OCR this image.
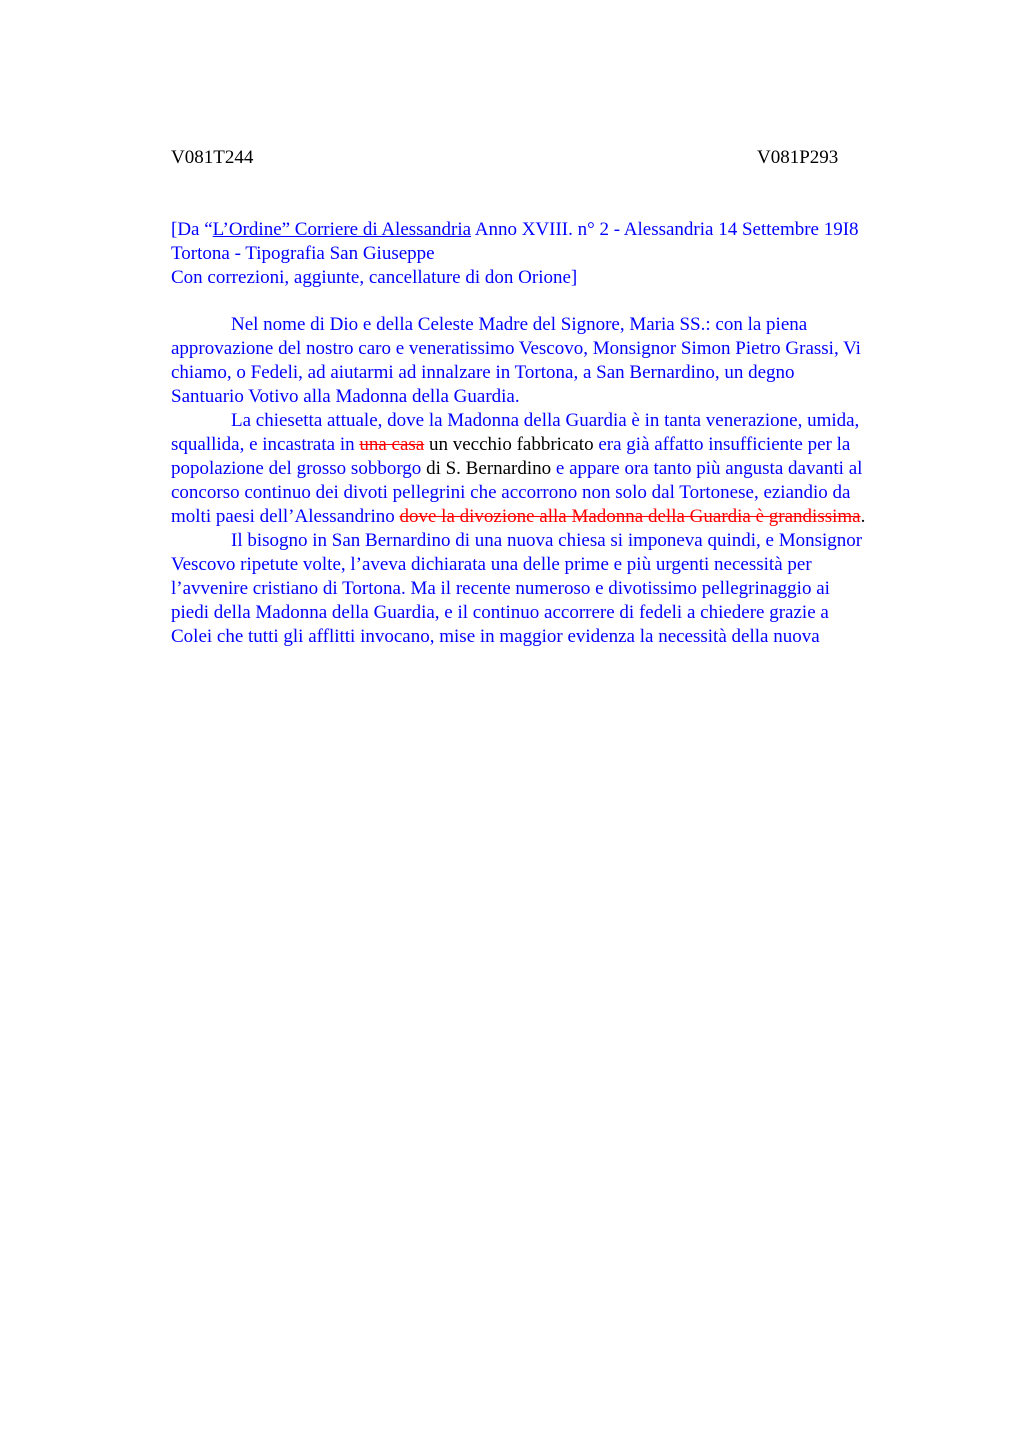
V081T244	V081P293
[Da “L’Ordine” Corriere di Alessandria Anno XVIII. n° 2 - Alessandria 14 Settembre 19I8
Tortona - Tipografia San Giuseppe
Con correzioni, aggiunte, cancellature di don Orione]
Nel nome di Dio e della Celeste Madre del Signore, Maria SS.: con la piena
approvazione del nostro caro e veneratissimo Vescovo, Monsignor Simon Pietro Grassi, Vi
chiamo, o Fedeli, ad aiutarmi ad innalzare in Tortona, a San Bernardino, un degno
Santuario Votivo alla Madonna della Guardia.
La chiesetta attuale, dove la Madonna della Guardia è in tanta venerazione, umida,
squallida, e incastrata in una casa un vecchio fabbricato era già affatto insufficiente per la
popolazione del grosso sobborgo di S. Bernardino e appare ora tanto più angusta davanti al
concorso continuo dei divoti pellegrini che accorrono non solo dal Tortonese, eziandio da
molti paesi dell’Alessandrino dove la divozione alla Madonna della Guardia è grandissima.
Il bisogno in San Bernardino di una nuova chiesa si imponeva quindi, e Monsignor
Vescovo ripetute volte, l’aveva dichiarata una delle prime e più urgenti necessità per
l’avvenire cristiano di Tortona. Ma il recente numeroso e divotissimo pellegrinaggio ai
piedi della Madonna della Guardia, e il continuo accorrere di fedeli a chiedere grazie a
Colei che tutti gli afflitti invocano, mise in maggior evidenza la necessità della nuova
